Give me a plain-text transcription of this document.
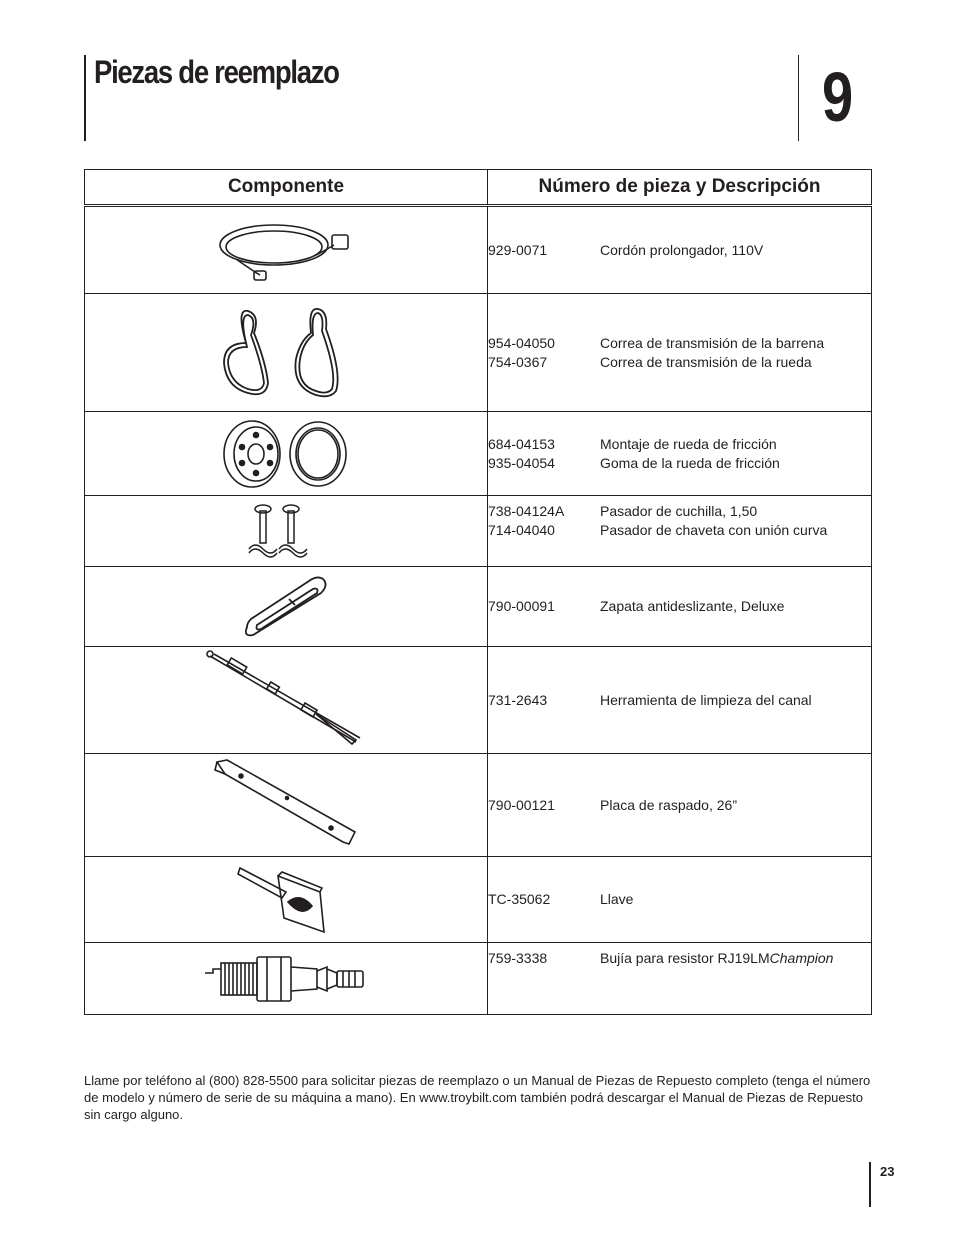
Piezas de reemplazo	9
Componente	Número de pieza y Descripción

929-0071 Cordón prolongador, 110V

954-04050 Correa de transmisión de la barrena
754-0367 Correa de transmisión de la rueda

684-04153 Montaje de rueda de fricción
935-04054 Goma de la rueda de fricción

738-04124A Pasador de cuchilla, 1,50
714-04040 Pasador de chaveta con unión curva

790-00091 Zapata antideslizante, Deluxe

731-2643 Herramienta de limpieza del canal

790-00121 Placa de raspado, 26”

TC-35062 Llave

759-3338 Bujía para resistor RJ19LMChampion

Llame por teléfono al (800) 828-5500 para solicitar piezas de reemplazo o un Manual de Piezas de Repuesto completo (tenga el número de modelo y número de serie de su máquina a mano). En www.troybilt.com también podrá descargar el Manual de Piezas de Repuesto sin cargo alguno.

23
